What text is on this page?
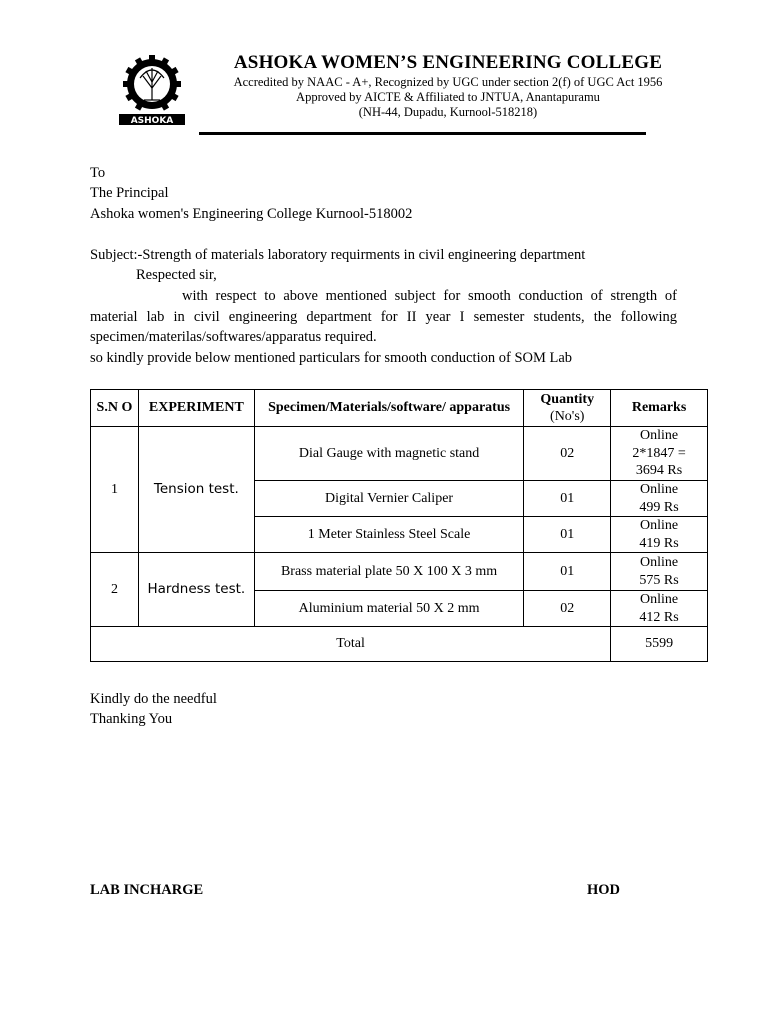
ASHOKA
ASHOKA WOMEN’S ENGINEERING COLLEGE
Accredited by NAAC - A+, Recognized by UGC under section 2(f) of UGC Act 1956
Approved by AICTE & Affiliated to JNTUA, Anantapuramu
(NH-44, Dupadu, Kurnool-518218)
To
The Principal
Ashoka women's Engineering College Kurnool-518002
Subject:-Strength of materials laboratory requirments in civil engineering department
Respected sir,
with respect to above mentioned subject for smooth conduction of strength of material lab in civil engineering department for II year I semester students, the following specimen/materilas/softwares/apparatus required.
so kindly provide below mentioned particulars for smooth conduction of SOM Lab
S.N O	EXPERIMENT	Specimen/Materials/software/ apparatus	Quantity
(No's)	Remarks
1	Tension test.	Dial Gauge with magnetic stand	02	Online
2*1847 =
3694 Rs
		Digital Vernier Caliper	01	Online
499 Rs
		1 Meter Stainless Steel Scale	01	Online
419 Rs
2	Hardness test.	Brass material plate 50 X 100 X 3 mm	01	Online
575 Rs
		Aluminium material 50 X 2 mm	02	Online
412 Rs
Total				5599
Kindly do the needful
Thanking You
LAB INCHARGE	HOD
